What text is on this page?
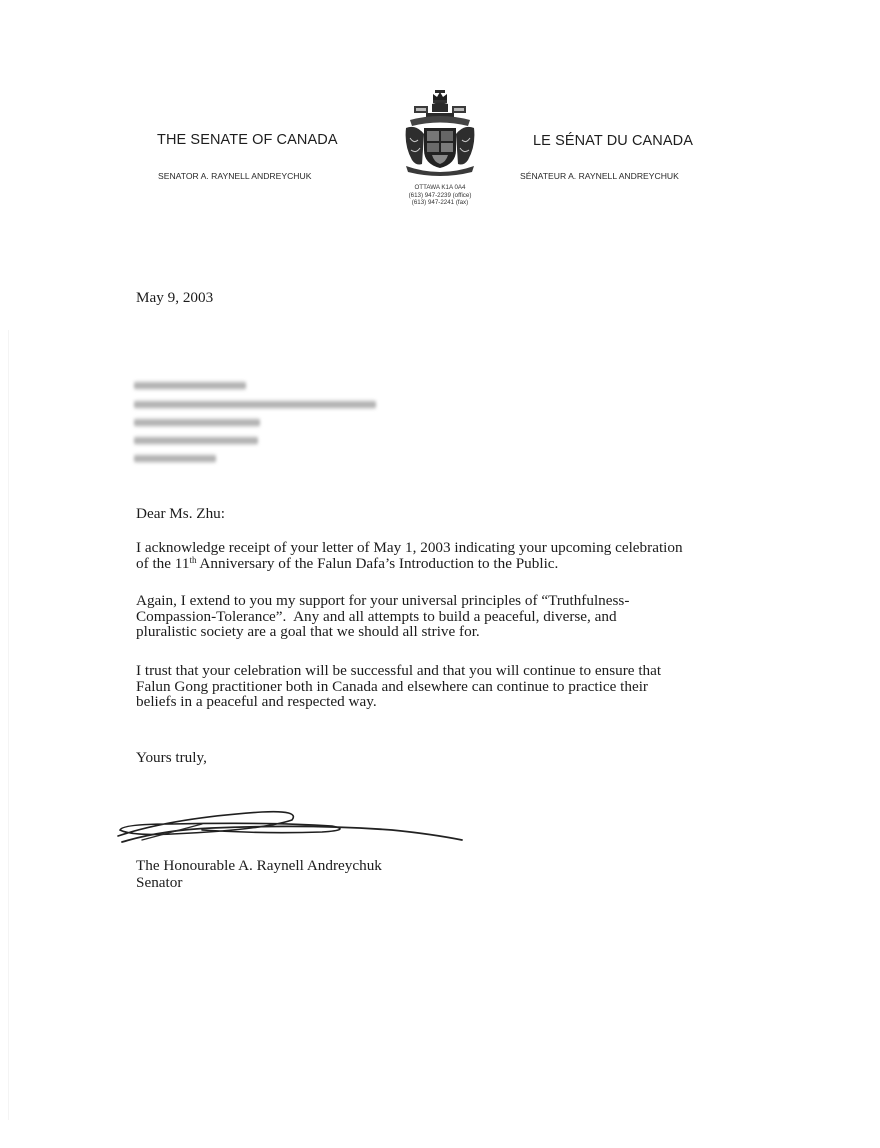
THE SENATE OF CANADA
SENATOR A. RAYNELL ANDREYCHUK
OTTAWA K1A 0A4
(613) 947-2239 (office)
(613) 947-2241 (fax)
LE SÉNAT DU CANADA
SÉNATEUR A. RAYNELL ANDREYCHUK
May 9, 2003
Dear Ms. Zhu:
I acknowledge receipt of your letter of May 1, 2003 indicating your upcoming celebration
of the 11th Anniversary of the Falun Dafa’s Introduction to the Public.
Again, I extend to you my support for your universal principles of “Truthfulness-
Compassion-Tolerance”.  Any and all attempts to build a peaceful, diverse, and
pluralistic society are a goal that we should all strive for.
I trust that your celebration will be successful and that you will continue to ensure that
Falun Gong practitioner both in Canada and elsewhere can continue to practice their
beliefs in a peaceful and respected way.
Yours truly,
The Honourable A. Raynell Andreychuk
Senator
